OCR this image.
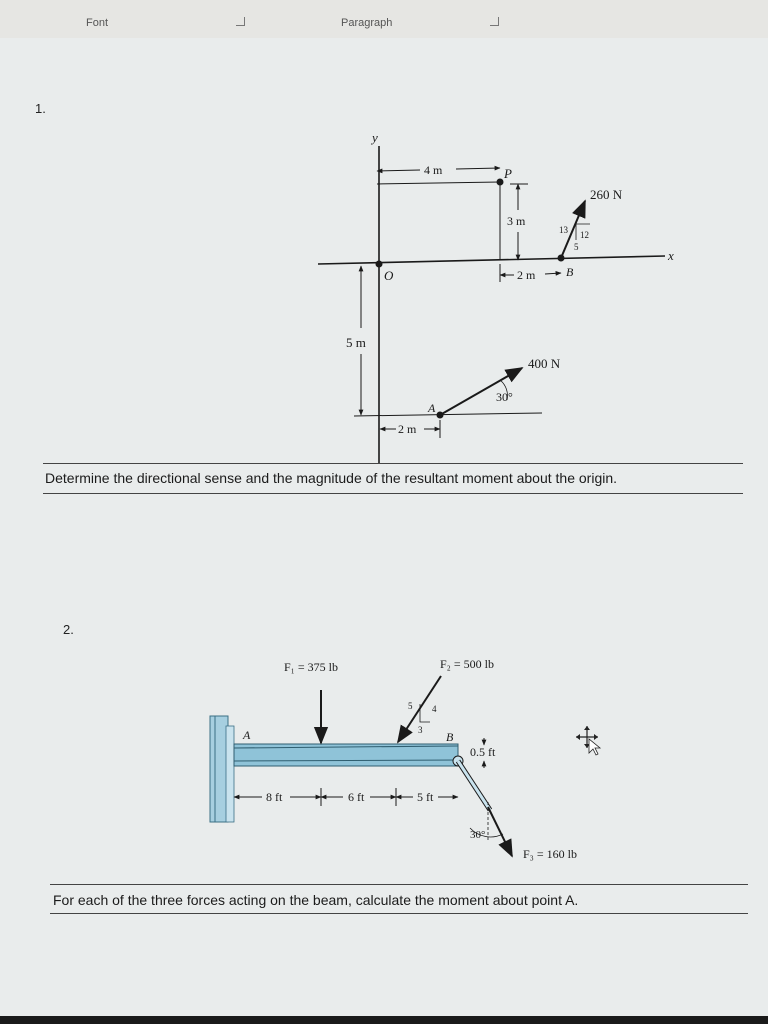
Font	Paragraph
1.
y
x
O
4 m	P
3 m
2 m	B
260 N
13 12
5
5 m
2 m
A
400 N
30°
Determine the directional sense and the magnitude of the resultant moment about the origin.
2.
A	B
F₁ = 375 lb	F₂ = 500 lb
5 4
3
F₃ = 160 lb
30°
0.5 ft
8 ft	6 ft	5 ft
For each of the three forces acting on the beam, calculate the moment about point A.
